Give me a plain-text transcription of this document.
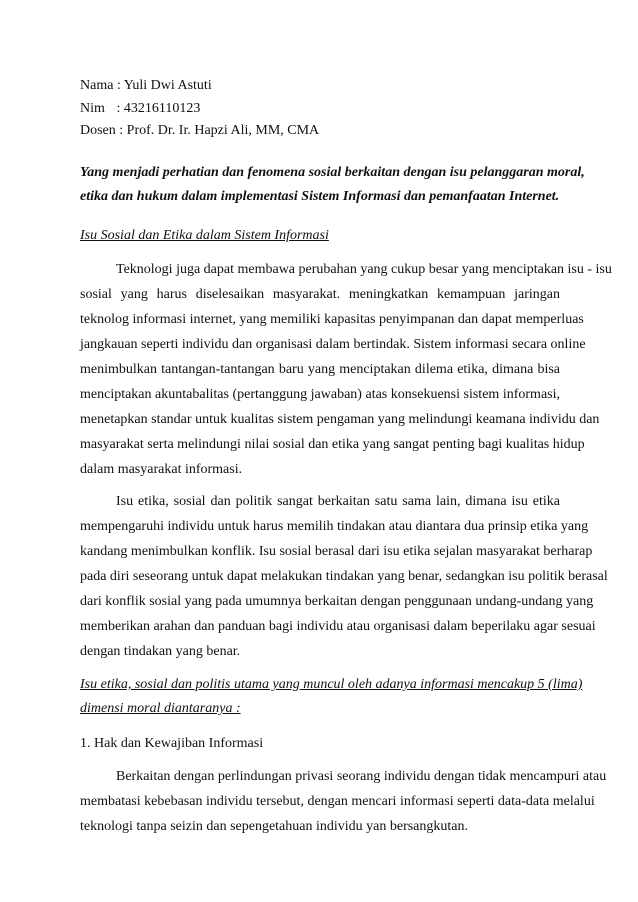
Nama : Yuli Dwi Astuti
Nim : 43216110123
Dosen : Prof. Dr. Ir. Hapzi Ali, MM, CMA
Yang menjadi perhatian dan fenomena sosial berkaitan dengan isu pelanggaran moral,
etika dan hukum dalam implementasi Sistem Informasi dan pemanfaatan Internet.
Isu Sosial dan Etika dalam Sistem Informasi
Teknologi juga dapat membawa perubahan yang cukup besar yang menciptakan isu - isu
sosial yang harus diselesaikan masyarakat. meningkatkan kemampuan jaringan
teknolog informasi internet, yang memiliki kapasitas penyimpanan dan dapat memperluas
jangkauan seperti individu dan organisasi dalam bertindak. Sistem informasi secara online
menimbulkan tantangan-tantangan baru yang menciptakan dilema etika, dimana bisa
menciptakan akuntabalitas (pertanggung jawaban) atas konsekuensi sistem informasi,
menetapkan standar untuk kualitas sistem pengaman yang melindungi keamana individu dan
masyarakat serta melindungi nilai sosial dan etika yang sangat penting bagi kualitas hidup
dalam masyarakat informasi.
Isu etika, sosial dan politik sangat berkaitan satu sama lain, dimana isu etika
mempengaruhi individu untuk harus memilih tindakan atau diantara dua prinsip etika yang
kandang menimbulkan konflik. Isu sosial berasal dari isu etika sejalan masyarakat berharap
pada diri seseorang untuk dapat melakukan tindakan yang benar, sedangkan isu politik berasal
dari konflik sosial yang pada umumnya berkaitan dengan penggunaan undang-undang yang
memberikan arahan dan panduan bagi individu atau organisasi dalam beperilaku agar sesuai
dengan tindakan yang benar.
Isu etika, sosial dan politis utama yang muncul oleh adanya informasi mencakup 5 (lima)
dimensi moral diantaranya :
1. Hak dan Kewajiban Informasi
Berkaitan dengan perlindungan privasi seorang individu dengan tidak mencampuri atau
membatasi kebebasan individu tersebut, dengan mencari informasi seperti data-data melalui
teknologi tanpa seizin dan sepengetahuan individu yan bersangkutan.
